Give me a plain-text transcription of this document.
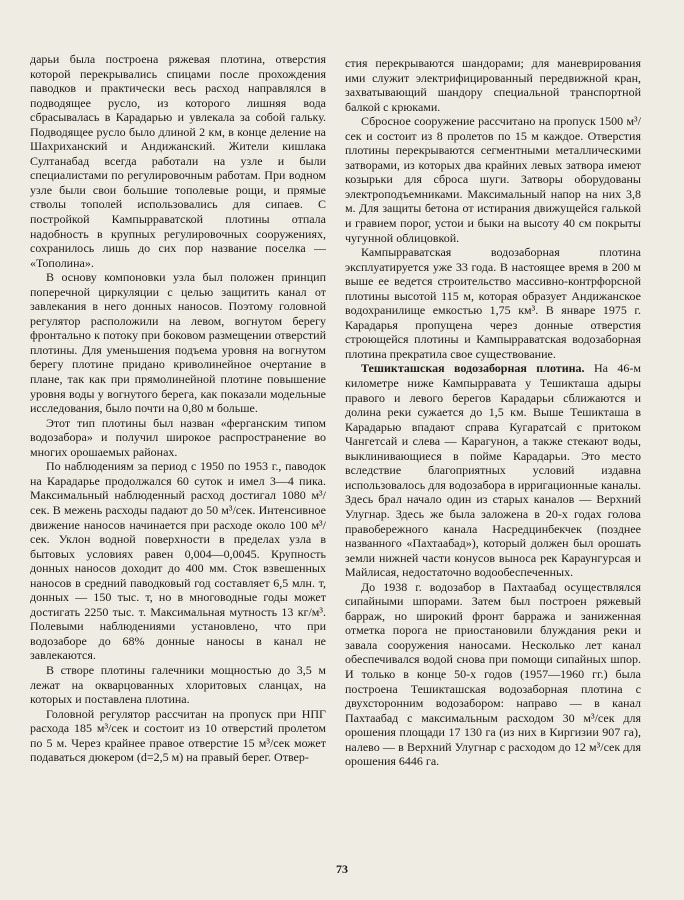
дарьи была построена ряжевая плотина, отверстия которой перекрывались спицами после прохождения паводков и практически весь расход направлялся в подводящее русло, из которого лишняя вода сбрасывалась в Карадарью и увлекала за собой гальку. Подводящее русло было длиной 2 км, в конце деление на Шахриханский и Андижанский. Жители кишлака Султанабад всегда работали на узле и были специалистами по регулировочным работам. При водном узле были свои большие тополевые рощи, и прямые стволы тополей использовались для сипаев. С постройкой Кампырраватской плотины отпала надобность в крупных регулировочных сооружениях, сохранилось лишь до сих пор название поселка — «Тополина».

В основу компоновки узла был положен принцип поперечной циркуляции с целью защитить канал от завлекания в него донных наносов. Поэтому головной регулятор расположили на левом, вогнутом берегу фронтально к потоку при боковом размещении отверстий плотины. Для уменьшения подъема уровня на вогнутом берегу плотине придано криволинейное очертание в плане, так как при прямолинейной плотине повышение уровня воды у вогнутого берега, как показали модельные исследования, было почти на 0,80 м больше.

Этот тип плотины был назван «ферганским типом водозабора» и получил широкое распространение во многих орошаемых районах.

По наблюдениям за период с 1950 по 1953 г., паводок на Карадарье продолжался 60 суток и имел 3—4 пика. Максимальный наблюденный расход достигал 1080 м³/сек. В межень расходы падают до 50 м³/сек. Интенсивное движение наносов начинается при расходе около 100 м³/сек. Уклон водной поверхности в пределах узла в бытовых условиях равен 0,004—0,0045. Крупность донных наносов доходит до 400 мм. Сток взвешенных наносов в средний паводковый год составляет 6,5 млн. т, донных — 150 тыс. т, но в многоводные годы может достигать 2250 тыс. т. Максимальная мутность 13 кг/м³. Полевыми наблюдениями установлено, что при водозаборе до 68% донные наносы в канал не завлекаются.

В створе плотины галечники мощностью до 3,5 м лежат на окварцованных хлоритовых сланцах, на которых и поставлена плотина.

Головной регулятор рассчитан на пропуск при НПГ расхода 185 м³/сек и состоит из 10 отверстий пролетом по 5 м. Через крайнее правое отверстие 15 м³/сек может подаваться дюкером (d=2,5 м) на правый берег. Отвер-

стия перекрываются шандорами; для маневрирования ими служит электрифицированный передвижной кран, захватывающий шандору специальной транспортной балкой с крюками.

Сбросное сооружение рассчитано на пропуск 1500 м³/сек и состоит из 8 пролетов по 15 м каждое. Отверстия плотины перекрываются сегментными металлическими затворами, из которых два крайних левых затвора имеют козырьки для сброса шуги. Затворы оборудованы электроподъемниками. Максимальный напор на них 3,8 м. Для защиты бетона от истирания движущейся галькой и гравием порог, устои и быки на высоту 40 см покрыты чугунной облицовкой.

Кампырраватская водозаборная плотина эксплуатируется уже 33 года. В настоящее время в 200 м выше ее ведется строительство массивно-контрфорсной плотины высотой 115 м, которая образует Андижанское водохранилище емкостью 1,75 км³. В январе 1975 г. Карадарья пропущена через донные отверстия строющейся плотины и Кампырраватская водозаборная плотина прекратила свое существование.

Тешикташская водозаборная плотина. На 46-м километре ниже Кампырравата у Тешикташа адыры правого и левого берегов Карадарьи сближаются и долина реки сужается до 1,5 км. Выше Тешикташа в Карадарью впадают справа Кугаратсай с притоком Чангетсай и слева — Карагунон, а также стекают воды, выклинивающиеся в пойме Карадарьи. Это место вследствие благоприятных условий издавна использовалось для водозабора в ирригационные каналы. Здесь брал начало один из старых каналов — Верхний Улугнар. Здесь же была заложена в 20-х годах голова правобережного канала Насредцинбекчек (позднее названного «Пахтаабад»), который должен был орошать земли нижней части конусов выноса рек Караунгурсая и Майлисая, недостаточно водообеспеченных.

До 1938 г. водозабор в Пахтаабад осуществлялся сипайными шпорами. Затем был построен ряжевый барраж, но широкий фронт барража и заниженная отметка порога не приостановили блуждания реки и завала сооружения наносами. Несколько лет канал обеспечивался водой снова при помощи сипайных шпор. И только в конце 50-х годов (1957—1960 гг.) была построена Тешикташская водозаборная плотина с двухсторонним водозабором: направо — в канал Пахтаабад с максимальным расходом 30 м³/сек для орошения площади 17 130 га (из них в Киргизии 907 га), налево — в Верхний Улугнар с расходом до 12 м³/сек для орошения 6446 га.

73
